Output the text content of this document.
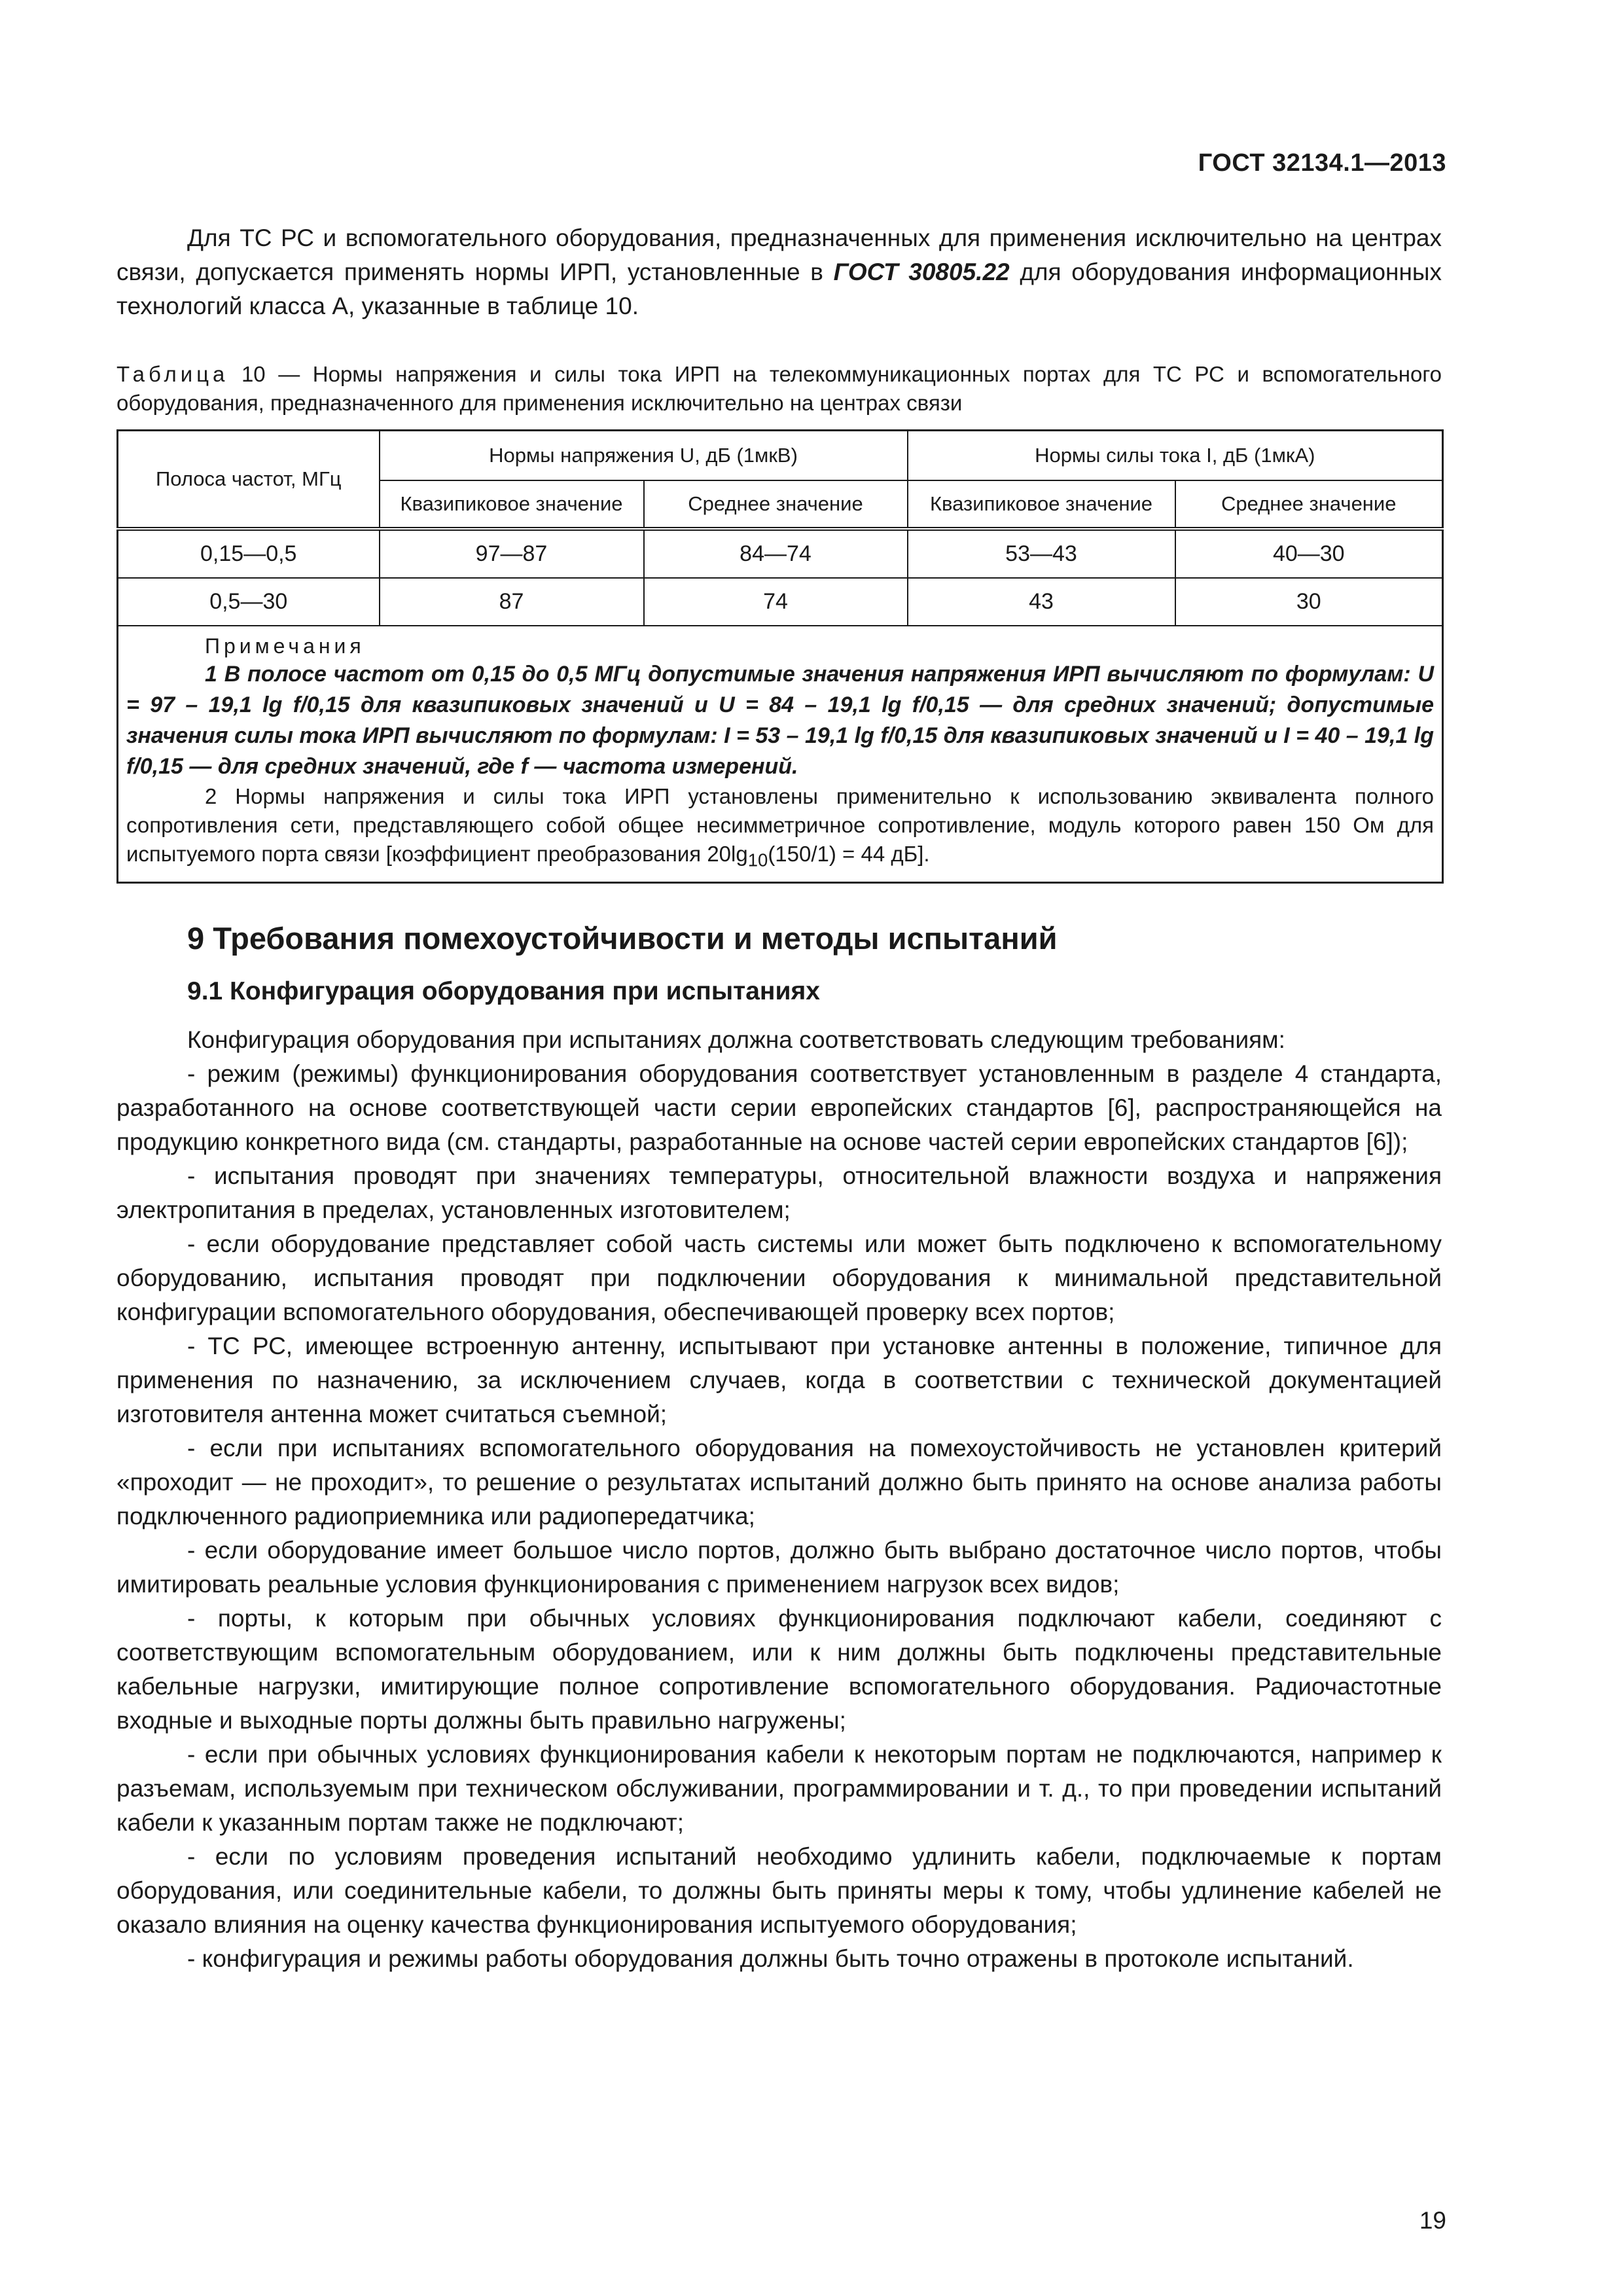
ГОСТ 32134.1—2013

Для ТС РС и вспомогательного оборудования, предназначенных для применения исключительно на центрах связи, допускается применять нормы ИРП, установленные в ГОСТ 30805.22 для оборудования информационных технологий класса А, указанные в таблице 10.

Таблица 10 — Нормы напряжения и силы тока ИРП на телекоммуникационных портах для ТС РС и вспомогательного оборудования, предназначенного для применения исключительно на центрах связи

Полоса частот, МГц	Нормы напряжения U, дБ (1мкВ)		Нормы силы тока I, дБ (1мкА)	
	Квазипиковое значение	Среднее значение	Квазипиковое значение	Среднее значение
0,15—0,5	97—87	84—74	53—43	40—30
0,5—30	87	74	43	30

Примечания

1 В полосе частот от 0,15 до 0,5 МГц допустимые значения напряжения ИРП вычисляют по формулам: U = 97 – 19,1 lg f/0,15 для квазипиковых значений и U = 84 – 19,1 lg f/0,15 — для средних значений; допустимые значения силы тока ИРП вычисляют по формулам: I = 53 – 19,1 lg f/0,15 для квазипиковых значений и I = 40 – 19,1 lg f/0,15 — для средних значений, где f — частота измерений.

2 Нормы напряжения и силы тока ИРП установлены применительно к использованию эквивалента полного сопротивления сети, представляющего собой общее несимметричное сопротивление, модуль которого равен 150 Ом для испытуемого порта связи [коэффициент преобразования $20\lg_{10}(150/1) = 44$ дБ].				

9 Требования помехоустойчивости и методы испытаний
9.1 Конфигурация оборудования при испытаниях

Конфигурация оборудования при испытаниях должна соответствовать следующим требованиям:

- режим (режимы) функционирования оборудования соответствует установленным в разделе 4 стандарта, разработанного на основе соответствующей части серии европейских стандартов [6], распространяющейся на продукцию конкретного вида (см. стандарты, разработанные на основе частей серии европейских стандартов [6]);

- испытания проводят при значениях температуры, относительной влажности воздуха и напряжения электропитания в пределах, установленных изготовителем;

- если оборудование представляет собой часть системы или может быть подключено к вспомогательному оборудованию, испытания проводят при подключении оборудования к минимальной представительной конфигурации вспомогательного оборудования, обеспечивающей проверку всех портов;

- ТС РС, имеющее встроенную антенну, испытывают при установке антенны в положение, типичное для применения по назначению, за исключением случаев, когда в соответствии с технической документацией изготовителя антенна может считаться съемной;

- если при испытаниях вспомогательного оборудования на помехоустойчивость не установлен критерий «проходит — не проходит», то решение о результатах испытаний должно быть принято на основе анализа работы подключенного радиоприемника или радиопередатчика;

- если оборудование имеет большое число портов, должно быть выбрано достаточное число портов, чтобы имитировать реальные условия функционирования с применением нагрузок всех видов;

- порты, к которым при обычных условиях функционирования подключают кабели, соединяют с соответствующим вспомогательным оборудованием, или к ним должны быть подключены представительные кабельные нагрузки, имитирующие полное сопротивление вспомогательного оборудования. Радиочастотные входные и выходные порты должны быть правильно нагружены;

- если при обычных условиях функционирования кабели к некоторым портам не подключаются, например к разъемам, используемым при техническом обслуживании, программировании и т. д., то при проведении испытаний кабели к указанным портам также не подключают;

- если по условиям проведения испытаний необходимо удлинить кабели, подключаемые к портам оборудования, или соединительные кабели, то должны быть приняты меры к тому, чтобы удлинение кабелей не оказало влияния на оценку качества функционирования испытуемого оборудования;

- конфигурация и режимы работы оборудования должны быть точно отражены в протоколе испытаний.

19
